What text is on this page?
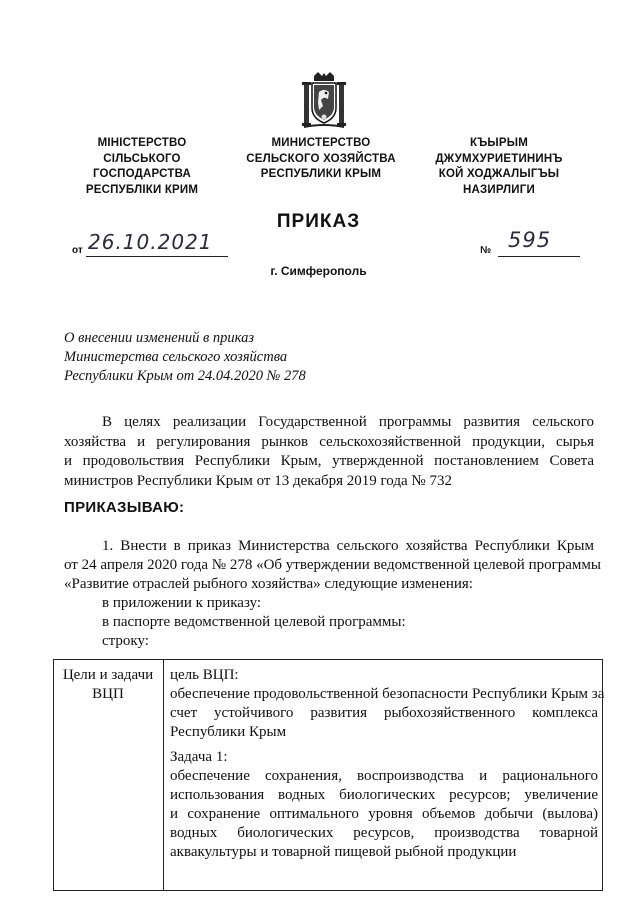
МІНІСТЕРСТВО
СІЛЬСЬКОГО
ГОСПОДАРСТВА
РЕСПУБЛІКИ КРИМ
МИНИСТЕРСТВО
СЕЛЬСКОГО ХОЗЯЙСТВА
РЕСПУБЛИКИ КРЫМ
КЪЫРЫМ
ДЖУМХУРИЕТИНИНЪ
КОЙ ХОДЖАЛЫГЪЫ
НАЗИРЛИГИ
ПРИКАЗ
от 26.10.2021	№ 595
г. Симферополь
О внесении изменений в приказ
Министерства сельского хозяйства
Республики Крым от 24.04.2020 № 278
В целях реализации Государственной программы развития сельского
хозяйства и регулирования рынков сельскохозяйственной продукции, сырья
и продовольствия Республики Крым, утвержденной постановлением Совета
министров Республики Крым от 13 декабря 2019 года № 732
ПРИКАЗЫВАЮ:
1. Внести в приказ Министерства сельского хозяйства Республики Крым
от 24 апреля 2020 года № 278 «Об утверждении ведомственной целевой программы
«Развитие отраслей рыбного хозяйства» следующие изменения:
в приложении к приказу:
в паспорте ведомственной целевой программы:
строку:
Цели и задачи
ВЦП
цель ВЦП:
обеспечение продовольственной безопасности Республики Крым за
счет устойчивого развития рыбохозяйственного комплекса
Республики Крым
Задача 1:
обеспечение сохранения, воспроизводства и рационального
использования водных биологических ресурсов; увеличение
и сохранение оптимального уровня объемов добычи (вылова)
водных биологических ресурсов, производства товарной
аквакультуры и товарной пищевой рыбной продукции
